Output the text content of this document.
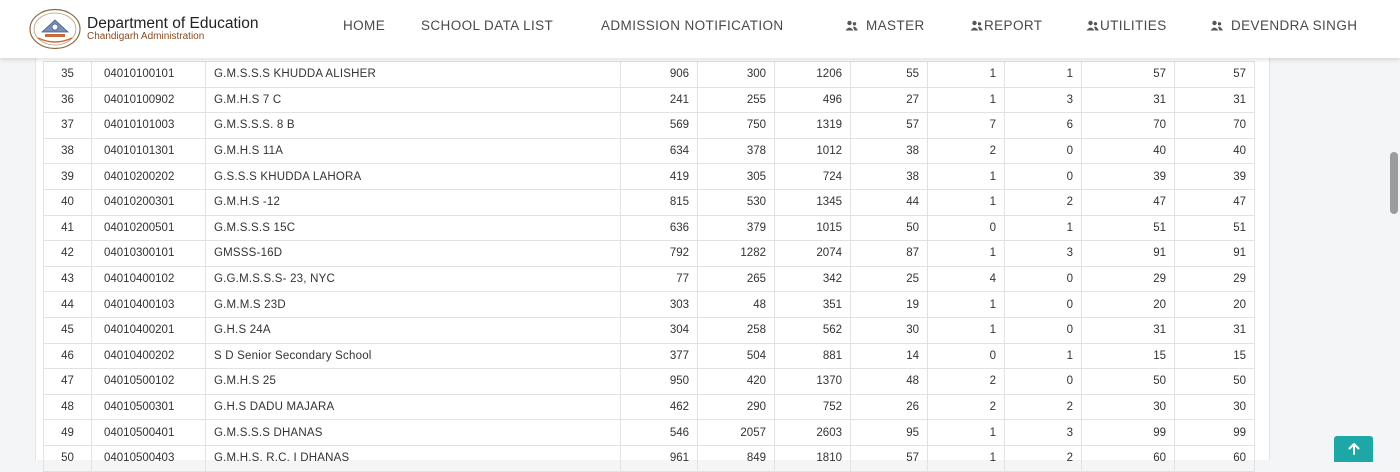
35	04010100101	G.M.S.S.S KHUDDA ALISHER	906	300	1206	55	1	1	57	57
36	04010100902	G.M.H.S 7 C	241	255	496	27	1	3	31	31
37	04010101003	G.M.S.S.S. 8 B	569	750	1319	57	7	6	70	70
38	04010101301	G.M.H.S 11A	634	378	1012	38	2	0	40	40
39	04010200202	G.S.S.S KHUDDA LAHORA	419	305	724	38	1	0	39	39
40	04010200301	G.M.H.S -12	815	530	1345	44	1	2	47	47
41	04010200501	G.M.S.S.S 15C	636	379	1015	50	0	1	51	51
42	04010300101	GMSSS-16D	792	1282	2074	87	1	3	91	91
43	04010400102	G.G.M.S.S.S- 23, NYC	77	265	342	25	4	0	29	29
44	04010400103	G.M.M.S 23D	303	48	351	19	1	0	20	20
45	04010400201	G.H.S 24A	304	258	562	30	1	0	31	31
46	04010400202	S D Senior Secondary School	377	504	881	14	0	1	15	15
47	04010500102	G.M.H.S 25	950	420	1370	48	2	0	50	50
48	04010500301	G.H.S DADU MAJARA	462	290	752	26	2	2	30	30
49	04010500401	G.M.S.S.S DHANAS	546	2057	2603	95	1	3	99	99
50	04010500403	G.M.H.S. R.C. I DHANAS	961	849	1810	57	1	2	60	60
Department of Education
Chandigarh Administration
HOME	SCHOOL DATA LIST	ADMISSION NOTIFICATION	MASTER	REPORT	UTILITIES	DEVENDRA SINGH
